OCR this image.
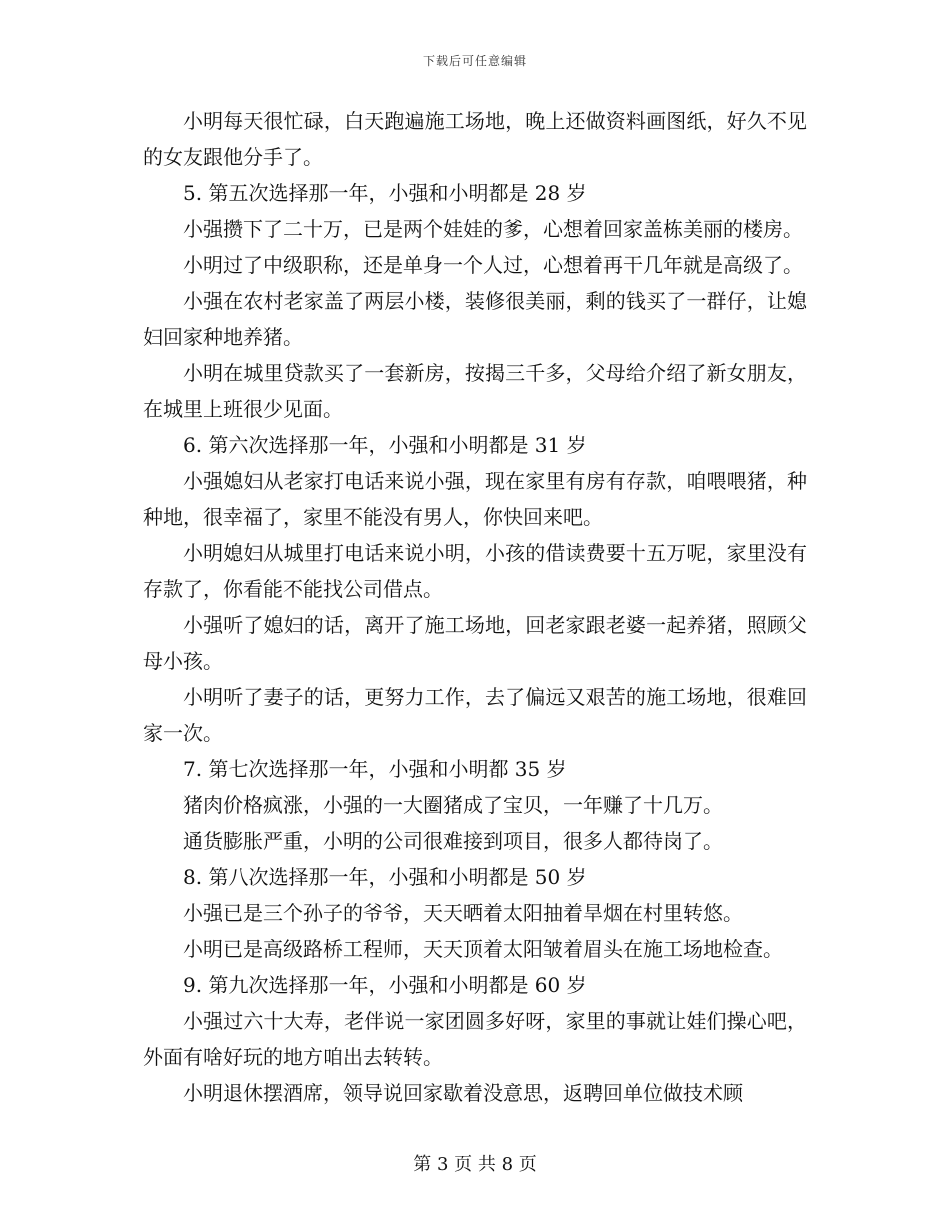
下载后可任意编辑

小明每天很忙碌，白天跑遍施工场地，晚上还做资料画图纸，好久不见的女友跟他分手了。

5. 第五次选择那一年，小强和小明都是 28 岁

小强攒下了二十万，已是两个娃娃的爹，心想着回家盖栋美丽的楼房。

小明过了中级职称，还是单身一个人过，心想着再干几年就是高级了。

小强在农村老家盖了两层小楼，装修很美丽，剩的钱买了一群仔，让媳妇回家种地养猪。

小明在城里贷款买了一套新房，按揭三千多，父母给介绍了新女朋友，在城里上班很少见面。

6. 第六次选择那一年，小强和小明都是 31 岁

小强媳妇从老家打电话来说小强，现在家里有房有存款，咱喂喂猪，种种地，很幸福了，家里不能没有男人，你快回来吧。

小明媳妇从城里打电话来说小明，小孩的借读费要十五万呢，家里没有存款了，你看能不能找公司借点。

小强听了媳妇的话，离开了施工场地，回老家跟老婆一起养猪，照顾父母小孩。

小明听了妻子的话，更努力工作，去了偏远又艰苦的施工场地，很难回家一次。

7. 第七次选择那一年，小强和小明都 35 岁

猪肉价格疯涨，小强的一大圈猪成了宝贝，一年赚了十几万。

通货膨胀严重，小明的公司很难接到项目，很多人都待岗了。

8. 第八次选择那一年，小强和小明都是 50 岁

小强已是三个孙子的爷爷，天天晒着太阳抽着旱烟在村里转悠。

小明已是高级路桥工程师，天天顶着太阳皱着眉头在施工场地检查。

9. 第九次选择那一年，小强和小明都是 60 岁

小强过六十大寿，老伴说一家团圆多好呀，家里的事就让娃们操心吧，外面有啥好玩的地方咱出去转转。

小明退休摆酒席，领导说回家歇着没意思，返聘回单位做技术顾

第 3 页 共 8 页
